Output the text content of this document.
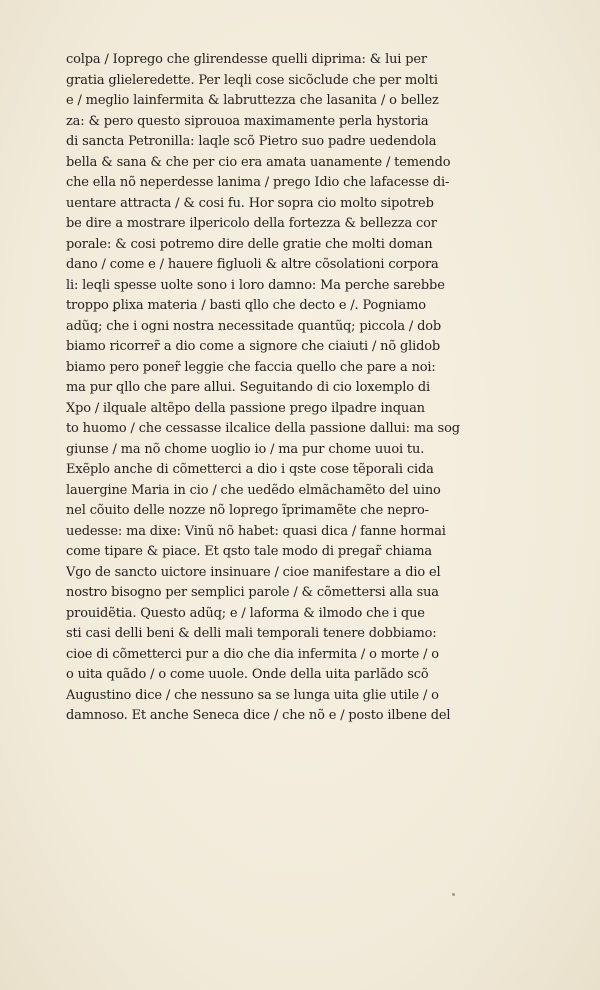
colpa / Ioprego che glirendesse quelli diprima: & lui per
gratia glieleredette. Per leqli cose sicõclude che per molti
e / meglio lainfermita & labruttezza che lasanita / o bellez
za: & pero questo siprouoa maximamente perla hystoria
di sancta Petronilla: laqle scõ Pietro suo padre uedendola
bella & sana & che per cio era amata uanamente / temendo
che ella nõ neperdesse lanima / prego Idio che lafacesse di-
uentare attracta / & cosi fu. Hor sopra cio molto sipotreb
be dire a mostrare ilpericolo della fortezza & bellezza cor
porale: & cosi potremo dire delle gratie che molti doman
dano / come e / hauere figluoli & altre cõsolationi corpora
li: leqli spesse uolte sono i loro damno: Ma perche sarebbe
troppo ꝑlixa materia / basti qllo che decto e /. Pogniamo
adũq; che i ogni nostra necessitade quantũq; piccola / dob
biamo ricorrer̃ a dio come a signore che ciaiuti / nõ glidob
biamo pero poner̃ leggie che faccia quello che pare a noi:
ma pur qllo che pare allui. Seguitando di cio loxemplo di
Xpo / ilquale altẽpo della passione prego ilpadre inquan
to huomo / che cessasse ilcalice della passione dallui: ma sog
giunse / ma nõ chome uoglio io / ma pur chome uuoi tu.
Exẽplo anche di cõmetterci a dio i qste cose tẽporali cida
lauergine Maria in cio / che uedẽdo elmãchamẽto del uino
nel cõuito delle nozze nõ loprego ĩprimamẽte che nepro-
uedesse: ma dixe: Vinũ nõ habet: quasi dica / fanne hormai
come tipare & piace. Et qsto tale modo di pregar̃ chiama
Vgo de sancto uictore insinuare / cioe manifestare a dio el
nostro bisogno per semplici parole / & cõmettersi alla sua
prouidẽtia. Questo adũq; e / laforma & ilmodo che i que
sti casi delli beni & delli mali temporali tenere dobbiamo:
cioe di cõmetterci pur a dio che dia infermita / o morte / o
o uita quãdo / o come uuole. Onde della uita parlãdo scõ
Augustino dice / che nessuno sa se lunga uita glie utile / o
damnoso. Et anche Seneca dice / che nõ e / posto ilbene del
